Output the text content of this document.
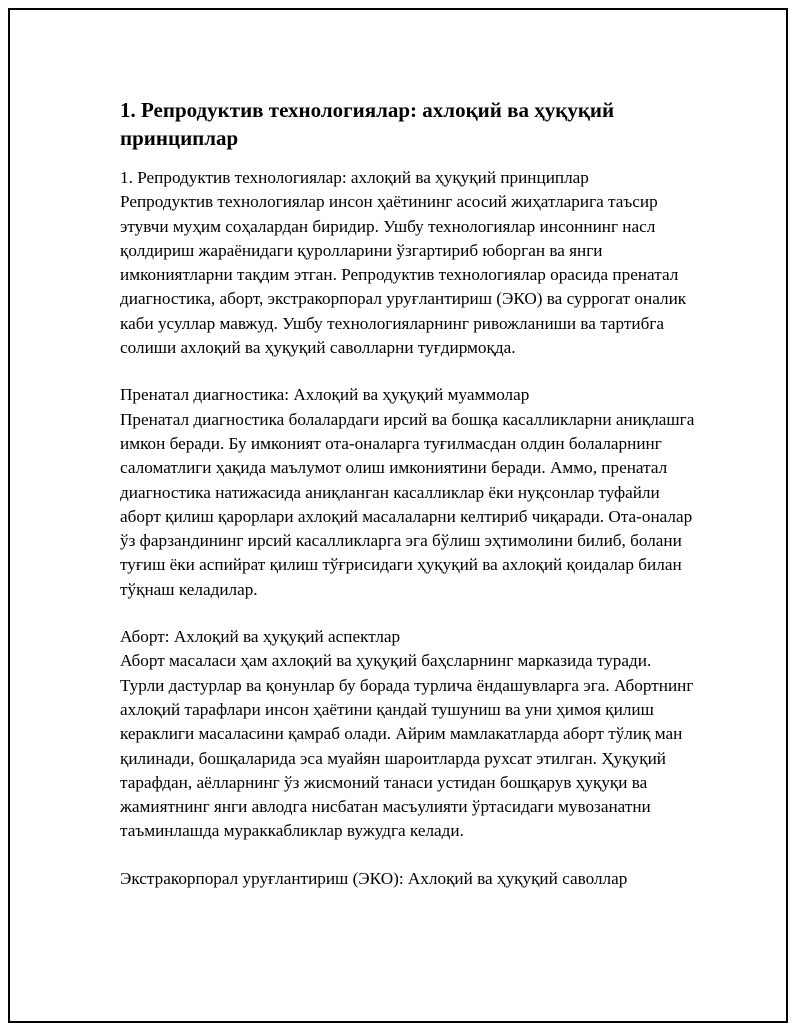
1. Репродуктив технологиялар: ахлоқий ва ҳуқуқий принциплар

1. Репродуктив технологиялар: ахлоқий ва ҳуқуқий принциплар

Репродуктив технологиялар инсон ҳаётининг асосий жиҳатларига таъсир этувчи муҳим соҳалардан биридир. Ушбу технологиялар инсоннинг насл қолдириш жараёнидаги қуролларини ўзгартириб юборган ва янги имкониятларни тақдим этган. Репродуктив технологиялар орасида пренатал диагностика, аборт, экстракорпорал уруғлантириш (ЭКО) ва суррогат оналик каби усуллар мавжуд. Ушбу технологияларнинг ривожланиши ва тартибга солиши ахлоқий ва ҳуқуқий саволларни туғдирмоқда.

Пренатал диагностика: Ахлоқий ва ҳуқуқий муаммолар

Пренатал диагностика болалардаги ирсий ва бошқа касалликларни аниқлашга имкон беради. Бу имконият ота-оналарга туғилмасдан олдин болаларнинг саломатлиги ҳақида маълумот олиш имкониятини беради. Аммо, пренатал диагностика натижасида аниқланган касалликлар ёки нуқсонлар туфайли аборт қилиш қарорлари ахлоқий масалаларни келтириб чиқаради. Ота-оналар ўз фарзандининг ирсий касалликларга эга бўлиш эҳтимолини билиб, болани туғиш ёки аспийрат қилиш тўғрисидаги ҳуқуқий ва ахлоқий қоидалар билан тўқнаш келадилар.

Аборт: Ахлоқий ва ҳуқуқий аспектлар

Аборт масаласи ҳам ахлоқий ва ҳуқуқий баҳсларнинг марказида туради. Турли дастурлар ва қонунлар бу борада турлича ёндашувларга эга. Абортнинг ахлоқий тарафлари инсон ҳаётини қандай тушуниш ва уни ҳимоя қилиш кераклиги масаласини қамраб олади. Айрим мамлакатларда аборт тўлиқ ман қилинади, бошқаларида эса муайян шароитларда рухсат этилган. Ҳуқуқий тарафдан, аёлларнинг ўз жисмоний танаси устидан бошқарув ҳуқуқи ва жамиятнинг янги авлодга нисбатан масъулияти ўртасидаги мувозанатни таъминлашда мураккабликлар вужудга келади.

Экстракорпорал уруғлантириш (ЭКО): Ахлоқий ва ҳуқуқий саволлар
